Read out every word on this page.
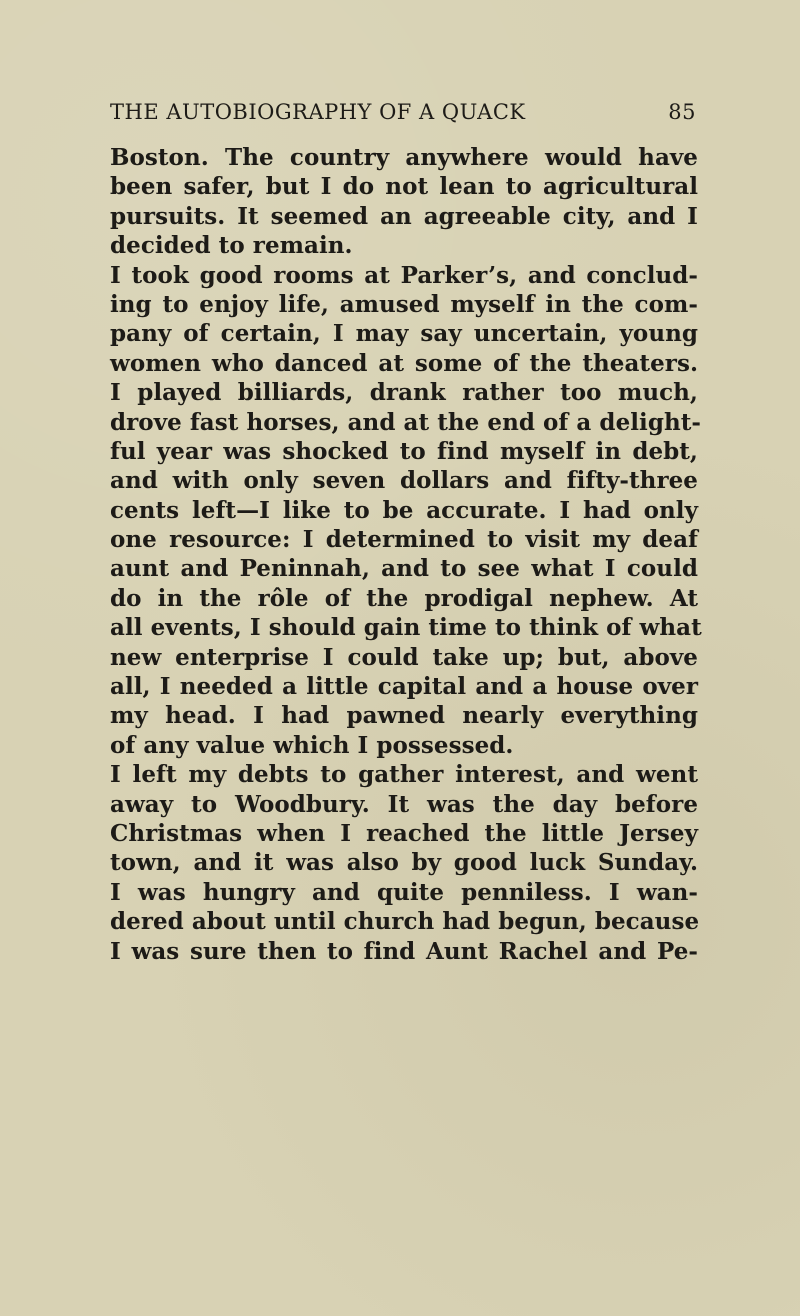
THE AUTOBIOGRAPHY OF A QUACK	85
Boston. The country anywhere would have
been safer, but I do not lean to agricultural
pursuits. It seemed an agreeable city, and I
decided to remain.
I took good rooms at Parker’s, and conclud-
ing to enjoy life, amused myself in the com-
pany of certain, I may say uncertain, young
women who danced at some of the theaters.
I played billiards, drank rather too much,
drove fast horses, and at the end of a delight-
ful year was shocked to find myself in debt,
and with only seven dollars and fifty-three
cents left—I like to be accurate. I had only
one resource: I determined to visit my deaf
aunt and Peninnah, and to see what I could
do in the rôle of the prodigal nephew. At
all events, I should gain time to think of what
new enterprise I could take up; but, above
all, I needed a little capital and a house over
my head. I had pawned nearly everything
of any value which I possessed.
I left my debts to gather interest, and went
away to Woodbury. It was the day before
Christmas when I reached the little Jersey
town, and it was also by good luck Sunday.
I was hungry and quite penniless. I wan-
dered about until church had begun, because
I was sure then to find Aunt Rachel and Pe-
